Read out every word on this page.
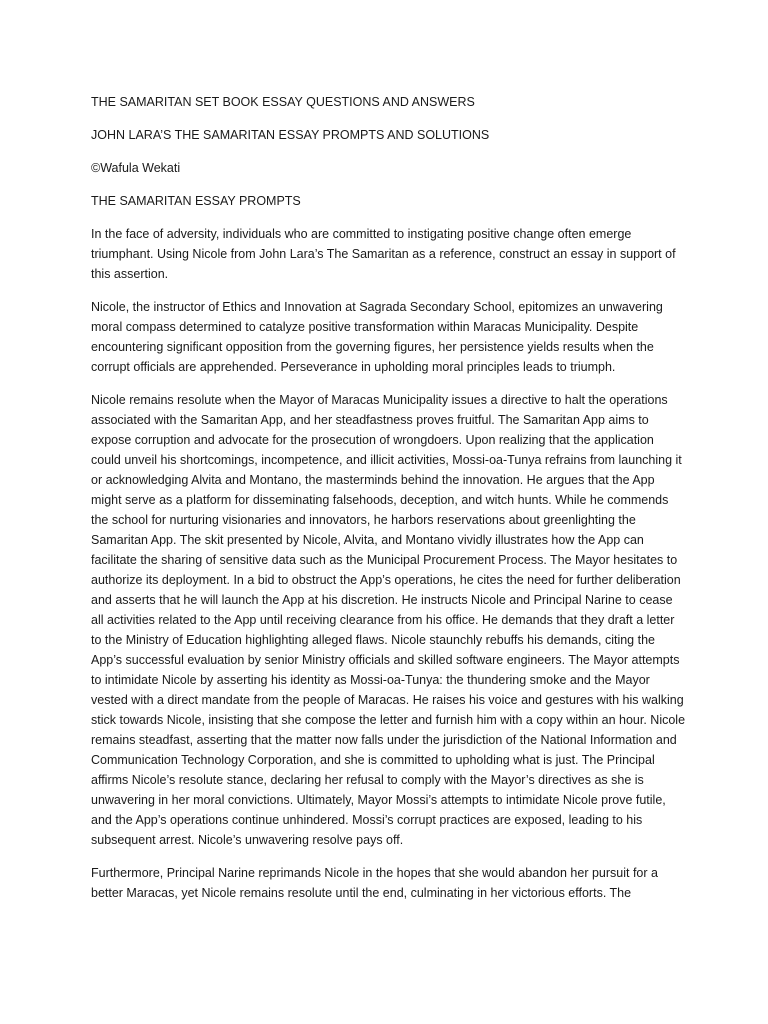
THE SAMARITAN SET BOOK ESSAY QUESTIONS AND ANSWERS
JOHN LARA’S THE SAMARITAN ESSAY PROMPTS AND SOLUTIONS
©Wafula Wekati
THE SAMARITAN ESSAY PROMPTS

In the face of adversity, individuals who are committed to instigating positive change often emerge triumphant. Using Nicole from John Lara’s The Samaritan as a reference, construct an essay in support of this assertion.

Nicole, the instructor of Ethics and Innovation at Sagrada Secondary School, epitomizes an unwavering moral compass determined to catalyze positive transformation within Maracas Municipality. Despite encountering significant opposition from the governing figures, her persistence yields results when the corrupt officials are apprehended. Perseverance in upholding moral principles leads to triumph.

Nicole remains resolute when the Mayor of Maracas Municipality issues a directive to halt the operations associated with the Samaritan App, and her steadfastness proves fruitful. The Samaritan App aims to expose corruption and advocate for the prosecution of wrongdoers. Upon realizing that the application could unveil his shortcomings, incompetence, and illicit activities, Mossi-oa-Tunya refrains from launching it or acknowledging Alvita and Montano, the masterminds behind the innovation. He argues that the App might serve as a platform for disseminating falsehoods, deception, and witch hunts. While he commends the school for nurturing visionaries and innovators, he harbors reservations about greenlighting the Samaritan App. The skit presented by Nicole, Alvita, and Montano vividly illustrates how the App can facilitate the sharing of sensitive data such as the Municipal Procurement Process. The Mayor hesitates to authorize its deployment. In a bid to obstruct the App’s operations, he cites the need for further deliberation and asserts that he will launch the App at his discretion. He instructs Nicole and Principal Narine to cease all activities related to the App until receiving clearance from his office. He demands that they draft a letter to the Ministry of Education highlighting alleged flaws. Nicole staunchly rebuffs his demands, citing the App’s successful evaluation by senior Ministry officials and skilled software engineers. The Mayor attempts to intimidate Nicole by asserting his identity as Mossi-oa-Tunya: the thundering smoke and the Mayor vested with a direct mandate from the people of Maracas. He raises his voice and gestures with his walking stick towards Nicole, insisting that she compose the letter and furnish him with a copy within an hour. Nicole remains steadfast, asserting that the matter now falls under the jurisdiction of the National Information and Communication Technology Corporation, and she is committed to upholding what is just. The Principal affirms Nicole’s resolute stance, declaring her refusal to comply with the Mayor’s directives as she is unwavering in her moral convictions. Ultimately, Mayor Mossi’s attempts to intimidate Nicole prove futile, and the App’s operations continue unhindered. Mossi’s corrupt practices are exposed, leading to his subsequent arrest. Nicole’s unwavering resolve pays off.

Furthermore, Principal Narine reprimands Nicole in the hopes that she would abandon her pursuit for a better Maracas, yet Nicole remains resolute until the end, culminating in her victorious efforts. The
